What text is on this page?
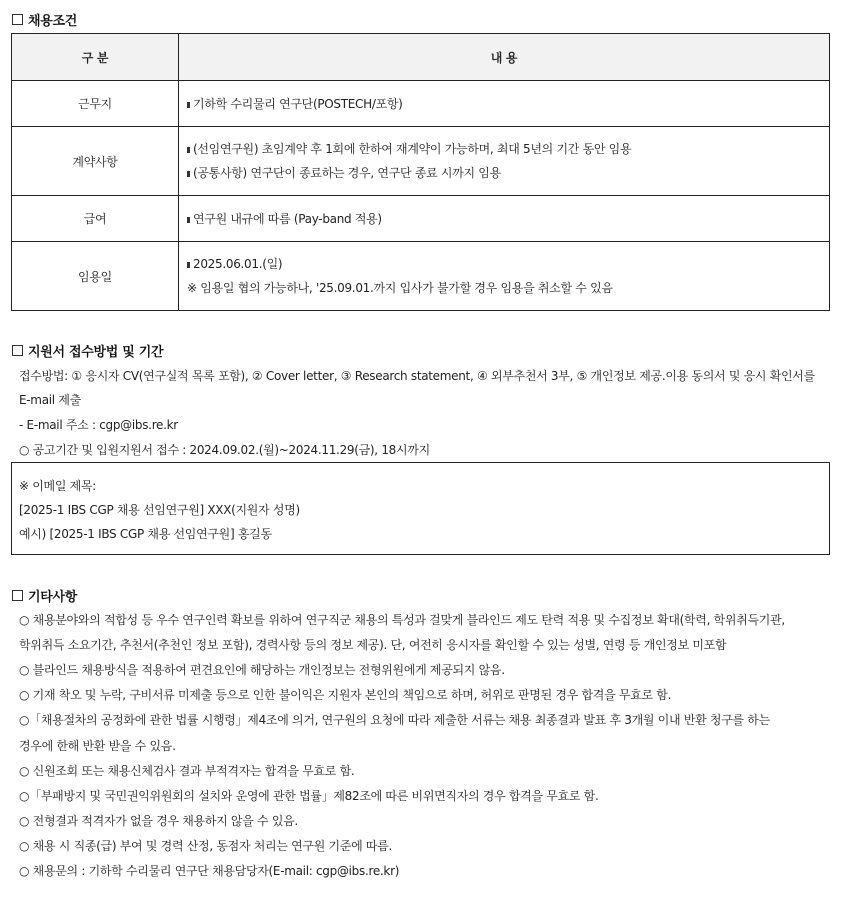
채용조건
구 분	내 용
근무지	기하학 수리물리 연구단(POSTECH/포항)

계약사항	(선임연구원) 초임계약 후 1회에 한하여 재계약이 가능하며, 최대 5년의 기간 동안 임용
(공통사항) 연구단이 종료하는 경우, 연구단 종료 시까지 임용

급여	연구원 내규에 따름 (Pay-band 적용)

임용일	2025.06.01.(일)
※ 임용일 협의 가능하나, '25.09.01.까지 입사가 불가할 경우 임용을 취소할 수 있음
지원서 접수방법 및 기간
접수방법: ① 응시자 CV(연구실적 목록 포함), ② Cover letter, ③ Research statement, ④ 외부추천서 3부, ⑤ 개인정보 제공.이용 동의서 및 응시 확인서를
E-mail 제출
- E-mail 주소 : cgp@ibs.re.kr
○ 공고기간 및 입원지원서 접수 : 2024.09.02.(월)~2024.11.29(금), 18시까지
※ 이메일 제목:
[2025-1 IBS CGP 채용 선임연구원] XXX(지원자 성명)
예시) [2025-1 IBS CGP 채용 선임연구원] 홍길동
기타사항
○ 채용분야와의 적합성 등 우수 연구인력 확보를 위하여 연구직군 채용의 특성과 걸맞게 블라인드 제도 탄력 적용 및 수집정보 확대(학력, 학위취득기관,
학위취득 소요기간, 추천서(추천인 정보 포함), 경력사항 등의 정보 제공). 단, 여전히 응시자를 확인할 수 있는 성별, 연령 등 개인정보 미포함
○ 블라인드 채용방식을 적용하여 편견요인에 해당하는 개인정보는 전형위원에게 제공되지 않음.
○ 기재 착오 및 누락, 구비서류 미제출 등으로 인한 불이익은 지원자 본인의 책임으로 하며, 허위로 판명된 경우 합격을 무효로 함.
○「채용절차의 공정화에 관한 법률 시행령」제4조에 의거, 연구원의 요청에 따라 제출한 서류는 채용 최종결과 발표 후 3개월 이내 반환 청구를 하는
경우에 한해 반환 받을 수 있음.
○ 신원조회 또는 채용신체검사 결과 부적격자는 합격을 무효로 함.
○「부패방지 및 국민권익위원회의 설치와 운영에 관한 법률」제82조에 따른 비위면직자의 경우 합격을 무효로 함.
○ 전형결과 적격자가 없을 경우 채용하지 않을 수 있음.
○ 채용 시 직종(급) 부여 및 경력 산정, 동점자 처리는 연구원 기준에 따름.
○ 채용문의 : 기하학 수리물리 연구단 채용담당자(E-mail: cgp@ibs.re.kr)
